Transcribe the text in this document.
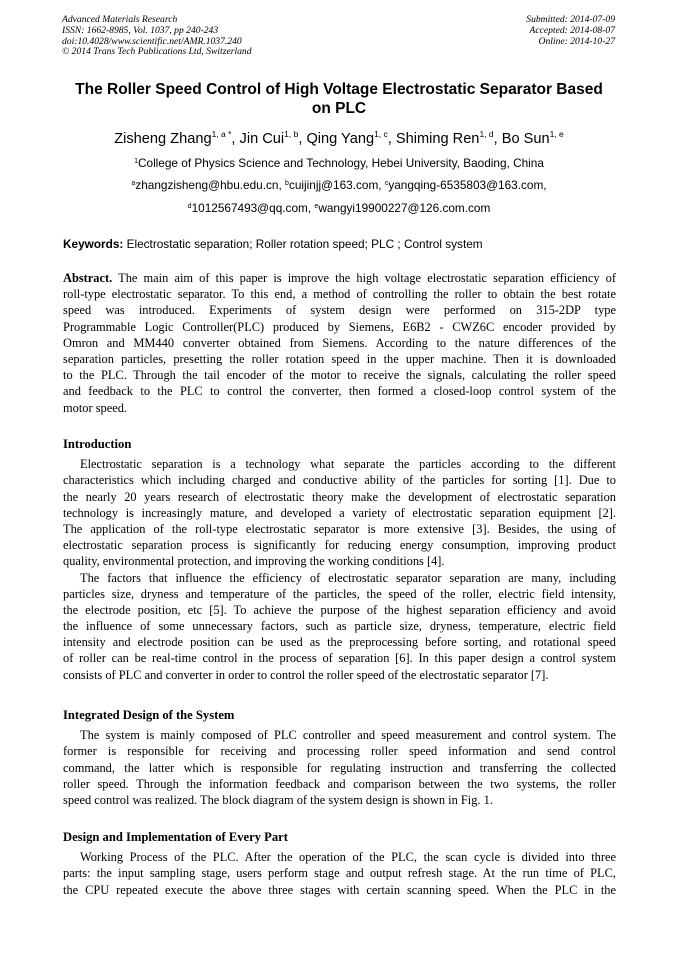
Advanced Materials Research
ISSN: 1662-8985, Vol. 1037, pp 240-243
doi:10.4028/www.scientific.net/AMR.1037.240
© 2014 Trans Tech Publications Ltd, Switzerland
Submitted: 2014-07-09
Accepted: 2014-08-07
Online: 2014-10-27
The Roller Speed Control of High Voltage Electrostatic Separator Based
on PLC
Zisheng Zhang$^{1, a *}$, Jin Cui$^{1, b}$, Qing Yang$^{1, c}$, Shiming Ren$^{1, d}$, Bo Sun$^{1, e}$
$^1$College of Physics Science and Technology, Hebei University, Baoding, China
$^a$zhangzisheng@hbu.edu.cn, $^b$cuijinjj@163.com, $^c$yangqing-6535803@163.com,
$^d$1012567493@qq.com, $^e$wangyi19900227@126.com.com
Keywords: Electrostatic separation; Roller rotation speed; PLC ; Control system
Abstract. The main aim of this paper is improve the high voltage electrostatic separation efficiency of
roll-type electrostatic separator. To this end, a method of controlling the roller to obtain the best rotate
speed was introduced. Experiments of system design were performed on 315-2DP type
Programmable Logic Controller(PLC) produced by Siemens, E6B2 - CWZ6C encoder provided by
Omron and MM440 converter obtained from Siemens. According to the nature differences of the
separation particles, presetting the roller rotation speed in the upper machine. Then it is downloaded
to the PLC. Through the tail encoder of the motor to receive the signals, calculating the roller speed
and feedback to the PLC to control the converter, then formed a closed-loop control system of the
motor speed.
Introduction
Electrostatic separation is a technology what separate the particles according to the different
characteristics which including charged and conductive ability of the particles for sorting [1]. Due to
the nearly 20 years research of electrostatic theory make the development of electrostatic separation
technology is increasingly mature, and developed a variety of electrostatic separation equipment [2].
The application of the roll-type electrostatic separator is more extensive [3]. Besides, the using of
electrostatic separation process is significantly for reducing energy consumption, improving product
quality, environmental protection, and improving the working conditions [4].
The factors that influence the efficiency of electrostatic separator separation are many, including
particles size, dryness and temperature of the particles, the speed of the roller, electric field intensity,
the electrode position, etc [5]. To achieve the purpose of the highest separation efficiency and avoid
the influence of some unnecessary factors, such as particle size, dryness, temperature, electric field
intensity and electrode position can be used as the preprocessing before sorting, and rotational speed
of roller can be real-time control in the process of separation [6]. In this paper design a control system
consists of PLC and converter in order to control the roller speed of the electrostatic separator [7].
Integrated Design of the System
The system is mainly composed of PLC controller and speed measurement and control system. The
former is responsible for receiving and processing roller speed information and send control
command, the latter which is responsible for regulating instruction and transferring the collected
roller speed. Through the information feedback and comparison between the two systems, the roller
speed control was realized. The block diagram of the system design is shown in Fig. 1.
Design and Implementation of Every Part
Working Process of the PLC. After the operation of the PLC, the scan cycle is divided into three
parts: the input sampling stage, users perform stage and output refresh stage. At the run time of PLC,
the CPU repeated execute the above three stages with certain scanning speed. When the PLC in the
